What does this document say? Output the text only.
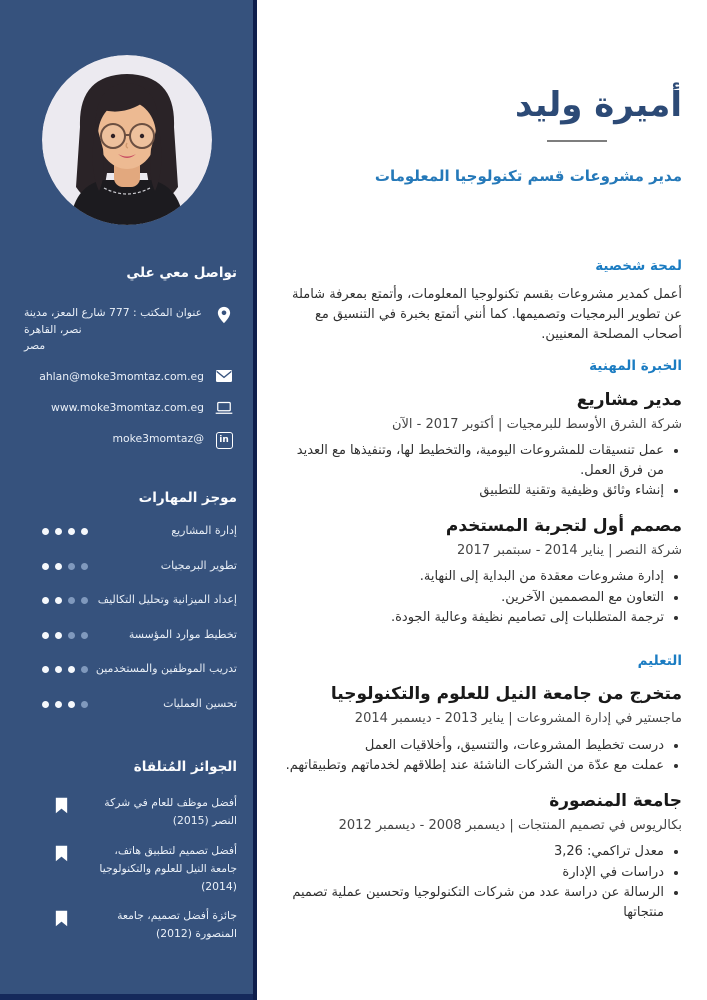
تواصل معي علي
عنوان المكتب : 777 شارع المعز، مدينة نصر، القاهرة
مصر
ahlan@moke3momtaz.com.eg
www.moke3momtaz.com.eg
in
moke3momtaz@
موجز المهارات
إدارة المشاريع
تطوير البرمجيات
إعداد الميزانية وتحليل التكاليف
تخطيط موارد المؤسسة
تدريب الموظفين والمستخدمين
تحسين العمليات
الجوائز المُتلقاة
أفضل موظف للعام في شركة النصر (2015)
أفضل تصميم لتطبيق هاتف، جامعة النيل للعلوم والتكنولوجيا (2014)
جائزة أفضل تصميم، جامعة المنصورة (2012)
أميرة وليد
مدير مشروعات قسم تكنولوجيا المعلومات
لمحة شخصية

أعمل كمدير مشروعات بقسم تكنولوجيا المعلومات، وأتمتع بمعرفة شاملة عن تطوير البرمجيات وتصميمها. كما أنني أتمتع بخبرة في التنسيق مع أصحاب المصلحة المعنيين.

الخبرة المهنية
مدير مشاريع
شركة الشرق الأوسط للبرمجيات | أكتوبر 2017 - الآن
• عمل تنسيقات للمشروعات اليومية، والتخطيط لها، وتنفيذها مع العديد من فرق العمل.
• إنشاء وثائق وظيفية وتقنية للتطبيق
مصمم أول لتجربة المستخدم
شركة النصر | يناير 2014 - سبتمبر 2017
• إدارة مشروعات معقدة من البداية إلى النهاية.
• التعاون مع المصممين الآخرين.
• ترجمة المتطلبات إلى تصاميم نظيفة وعالية الجودة.
التعليم
متخرج من جامعة النيل للعلوم والتكنولوجيا
ماجستير في إدارة المشروعات | يناير 2013 - ديسمبر 2014
• درست تخطيط المشروعات، والتنسيق، وأخلاقيات العمل
• عملت مع عدّة من الشركات الناشئة عند إطلاقهم لخدماتهم وتطبيقاتهم.
جامعة المنصورة
بكالريوس في تصميم المنتجات | ديسمبر 2008 - ديسمبر 2012
• معدل تراكمي: 3,26
• دراسات في الإدارة
• الرسالة عن دراسة عدد من شركات التكنولوجيا وتحسين عملية تصميم منتجاتها
